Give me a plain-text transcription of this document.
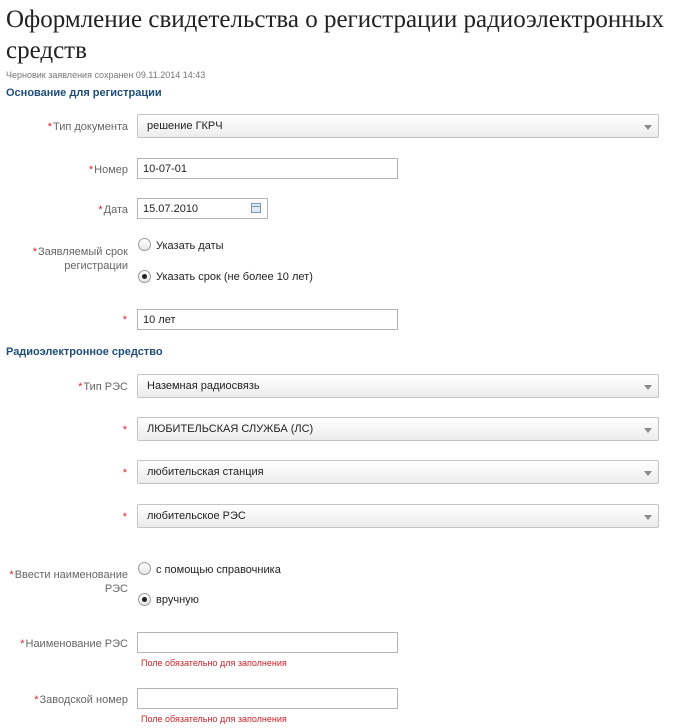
Оформление свидетельства о регистрации радиоэлектронных средств
Черновик заявления сохранен 09.11.2014 14:43
Основание для регистрации
*Тип документа решение ГКРЧ
*Номер 10-07-01
*Дата 15.07.2010
*Заявляемый срок регистрации
Указать даты
Указать срок (не более 10 лет)
* 10 лет
Радиоэлектронное средство
*Тип РЭС Наземная радиосвязь
* ЛЮБИТЕЛЬСКАЯ СЛУЖБА (ЛС)
* любительская станция
* любительское РЭС
*Ввести наименование РЭС
с помощью справочника
вручную
*Наименование РЭС
Поле обязательно для заполнения
*Заводской номер
Поле обязательно для заполнения
